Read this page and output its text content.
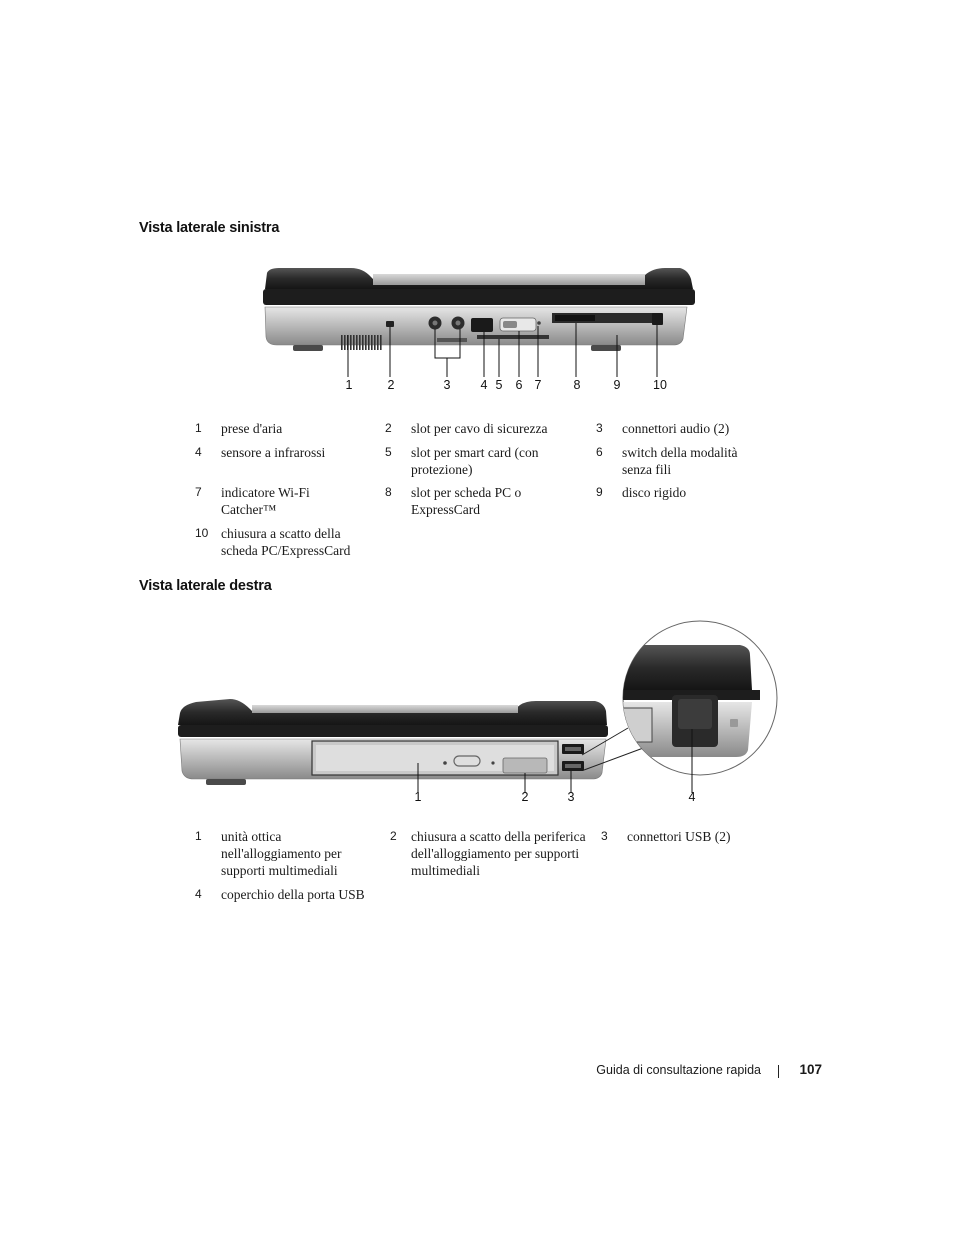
Vista laterale sinistra
1	2	3 4 5 6 7	8	9	10
1	prese d'aria	2	slot per cavo di sicurezza	3	connettori audio (2)
4	sensore a infrarossi	5	slot per smart card (con protezione)
6	switch della modalità senza fili
7	indicatore Wi-Fi Catcher™
8	slot per scheda PC o ExpressCard
9	disco rigido
10 chiusura a scatto della scheda PC/ExpressCard
Vista laterale destra
1	2	3	4
1	unità ottica nell'alloggiamento per supporti multimediali
2	chiusura a scatto della periferica dell'alloggiamento per supporti multimediali
3	connettori USB (2)
4	coperchio della porta USB
Guida di consultazione rapida	107
